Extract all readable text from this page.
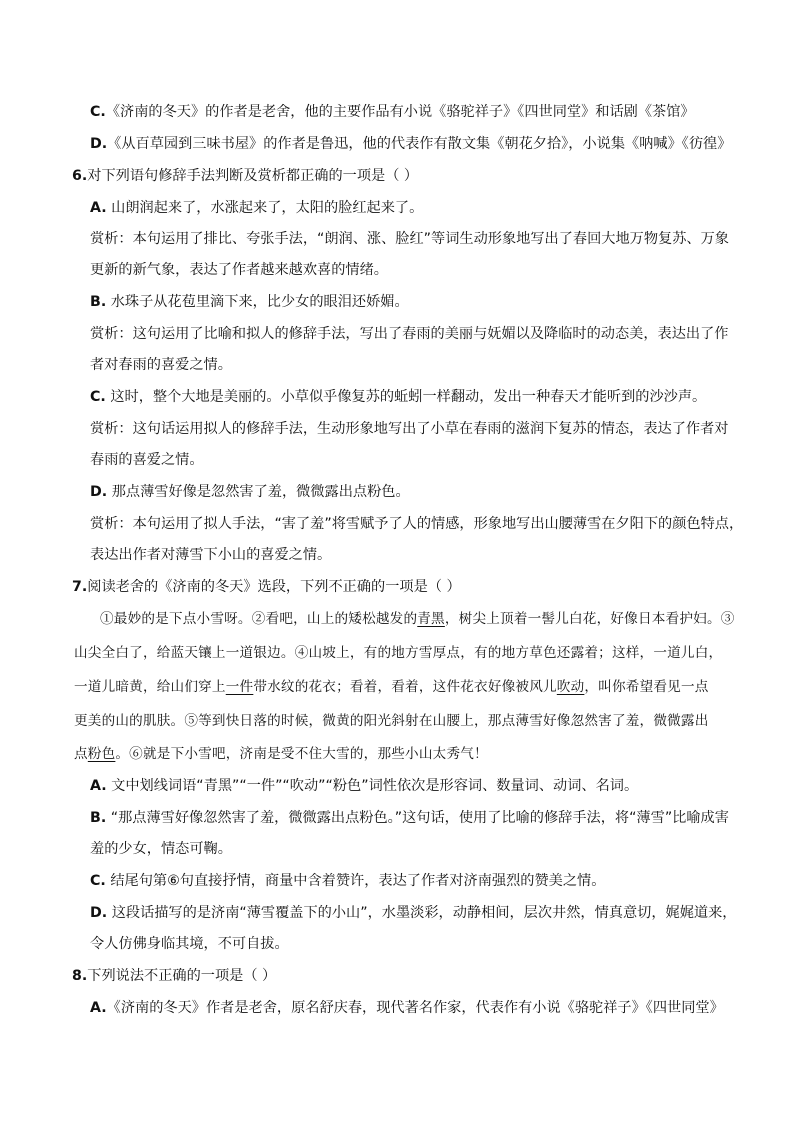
C.《济南的冬天》的作者是老舍，他的主要作品有小说《骆驼祥子》《四世同堂》和话剧《茶馆》
D.《从百草园到三味书屋》的作者是鲁迅，他的代表作有散文集《朝花夕拾》，小说集《呐喊》《彷徨》
6.对下列语句修辞手法判断及赏析都正确的一项是（ ）
A. 山朗润起来了，水涨起来了，太阳的脸红起来了。
赏析：本句运用了排比、夸张手法，“朗润、涨、脸红”等词生动形象地写出了春回大地万物复苏、万象
更新的新气象，表达了作者越来越欢喜的情绪。
B. 水珠子从花苞里滴下来，比少女的眼泪还娇媚。
赏析：这句运用了比喻和拟人的修辞手法，写出了春雨的美丽与妩媚以及降临时的动态美，表达出了作
者对春雨的喜爱之情。
C. 这时，整个大地是美丽的。小草似乎像复苏的蚯蚓一样翻动，发出一种春天才能听到的沙沙声。
赏析：这句话运用拟人的修辞手法，生动形象地写出了小草在春雨的滋润下复苏的情态，表达了作者对
春雨的喜爱之情。
D. 那点薄雪好像是忽然害了羞，微微露出点粉色。
赏析：本句运用了拟人手法，“害了羞”将雪赋予了人的情感，形象地写出山腰薄雪在夕阳下的颜色特点，
表达出作者对薄雪下小山的喜爱之情。
7.阅读老舍的《济南的冬天》选段，下列不正确的一项是（ ）
①最妙的是下点小雪呀。②看吧，山上的矮松越发的青黑，树尖上顶着一髻儿白花，好像日本看护妇。③
山尖全白了，给蓝天镶上一道银边。④山坡上，有的地方雪厚点，有的地方草色还露着；这样，一道儿白，
一道儿暗黄，给山们穿上一件带水纹的花衣；看着，看着，这件花衣好像被风儿吹动，叫你希望看见一点
更美的山的肌肤。⑤等到快日落的时候，微黄的阳光斜射在山腰上，那点薄雪好像忽然害了羞，微微露出
点粉色。⑥就是下小雪吧，济南是受不住大雪的，那些小山太秀气！
A. 文中划线词语“青黑”“一件”“吹动”“粉色”词性依次是形容词、数量词、动词、名词。
B. “那点薄雪好像忽然害了羞，微微露出点粉色。”这句话，使用了比喻的修辞手法，将“薄雪”比喻成害
羞的少女，情态可鞠。
C. 结尾句第⑥句直接抒情，商量中含着赞许，表达了作者对济南强烈的赞美之情。
D. 这段话描写的是济南“薄雪覆盖下的小山”，水墨淡彩，动静相间，层次井然，情真意切，娓娓道来，
令人仿佛身临其境，不可自拔。
8.下列说法不正确的一项是（ ）
A.《济南的冬天》作者是老舍，原名舒庆春，现代著名作家，代表作有小说《骆驼祥子》《四世同堂》
